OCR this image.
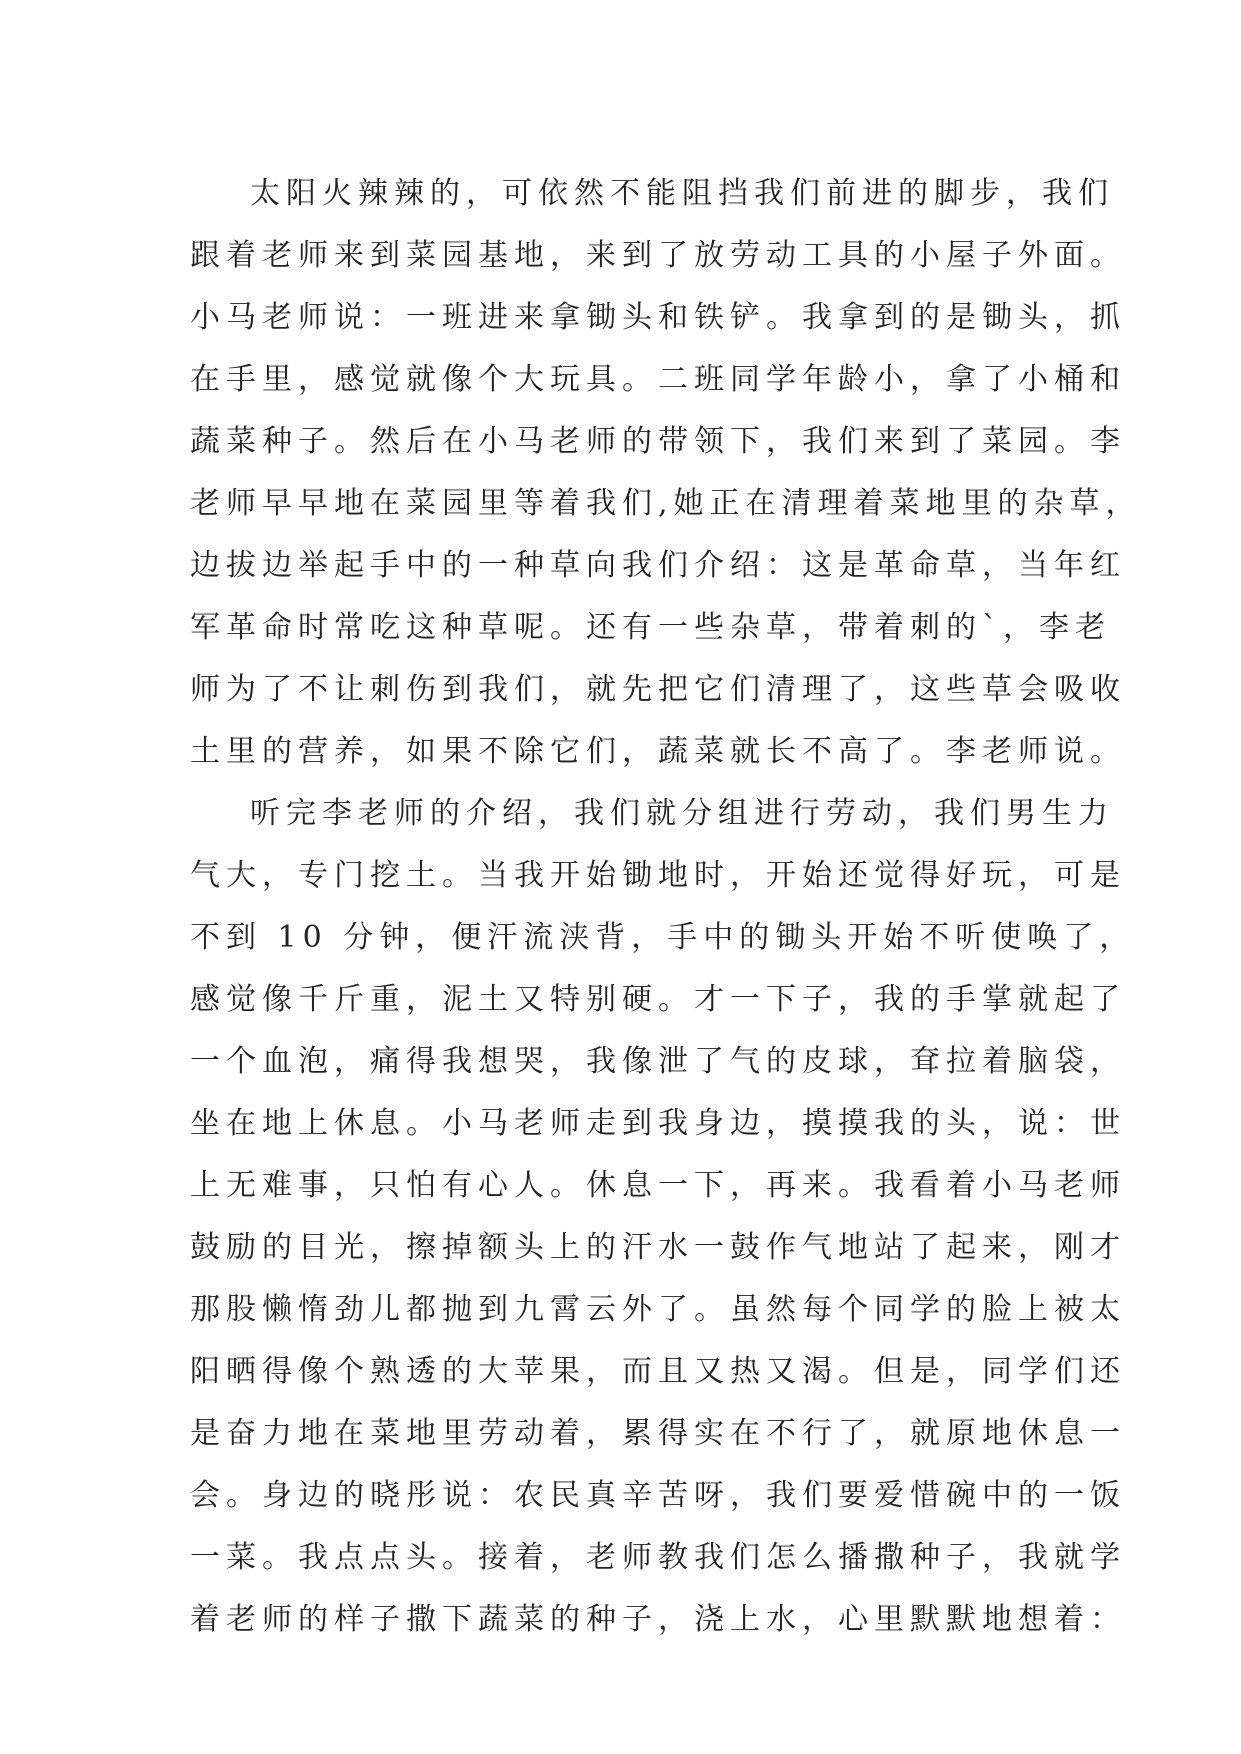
太阳火辣辣的，可依然不能阻挡我们前进的脚步，我们
跟着老师来到菜园基地，来到了放劳动工具的小屋子外面。
小马老师说：一班进来拿锄头和铁铲。我拿到的是锄头，抓
在手里，感觉就像个大玩具。二班同学年龄小，拿了小桶和
蔬菜种子。然后在小马老师的带领下，我们来到了菜园。李
老师早早地在菜园里等着我们,她正在清理着菜地里的杂草，
边拔边举起手中的一种草向我们介绍：这是革命草，当年红
军革命时常吃这种草呢。还有一些杂草，带着刺的`，李老
师为了不让刺伤到我们，就先把它们清理了，这些草会吸收
土里的营养，如果不除它们，蔬菜就长不高了。李老师说。
听完李老师的介绍，我们就分组进行劳动，我们男生力
气大，专门挖土。当我开始锄地时，开始还觉得好玩，可是
不到 10 分钟，便汗流浃背，手中的锄头开始不听使唤了，
感觉像千斤重，泥土又特别硬。才一下子，我的手掌就起了
一个血泡，痛得我想哭，我像泄了气的皮球，耷拉着脑袋，
坐在地上休息。小马老师走到我身边，摸摸我的头，说：世
上无难事，只怕有心人。休息一下，再来。我看着小马老师
鼓励的目光，擦掉额头上的汗水一鼓作气地站了起来，刚才
那股懒惰劲儿都抛到九霄云外了。虽然每个同学的脸上被太
阳晒得像个熟透的大苹果，而且又热又渴。但是，同学们还
是奋力地在菜地里劳动着，累得实在不行了，就原地休息一
会。身边的晓彤说：农民真辛苦呀，我们要爱惜碗中的一饭
一菜。我点点头。接着，老师教我们怎么播撒种子，我就学
着老师的样子撒下蔬菜的种子，浇上水，心里默默地想着：
